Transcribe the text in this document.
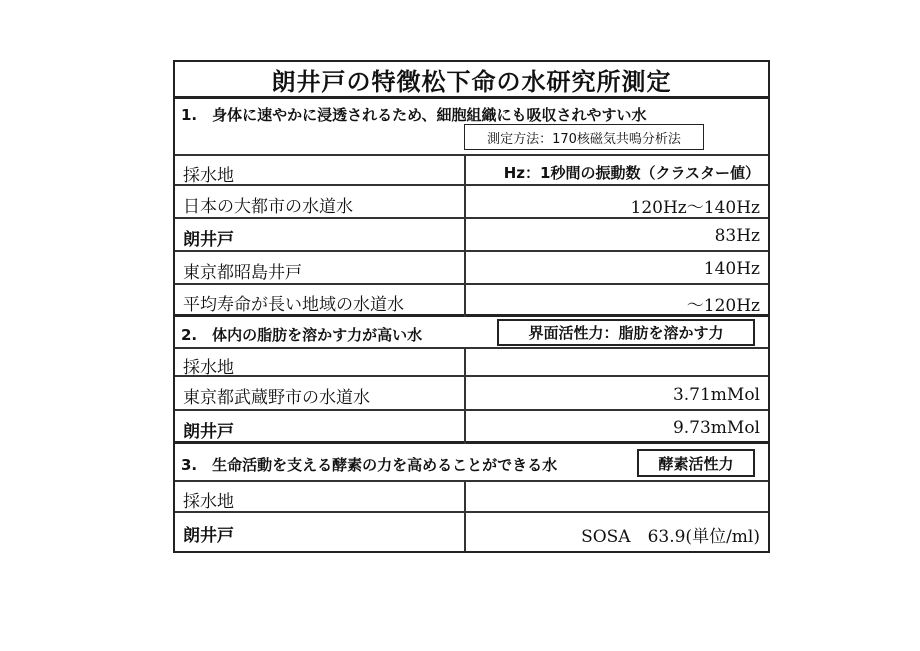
朗井戸の特徴松下命の水研究所測定
1.　身体に速やかに浸透されるため、細胞組織にも吸収されやすい水
測定方法：170核磁気共鳴分析法
採水地	Hz：1秒間の振動数（クラスター値）
日本の大都市の水道水	120Hz～140Hz
朗井戸	83Hz
東京都昭島井戸	140Hz
平均寿命が長い地域の水道水	～120Hz
2.　体内の脂肪を溶かす力が高い水	界面活性力：脂肪を溶かす力
採水地
東京都武蔵野市の水道水	3.71mMol
朗井戸	9.73mMol
3.　生命活動を支える酵素の力を高めることができる水	酵素活性力
採水地
朗井戸	SOSA　63.9(単位/ml)
